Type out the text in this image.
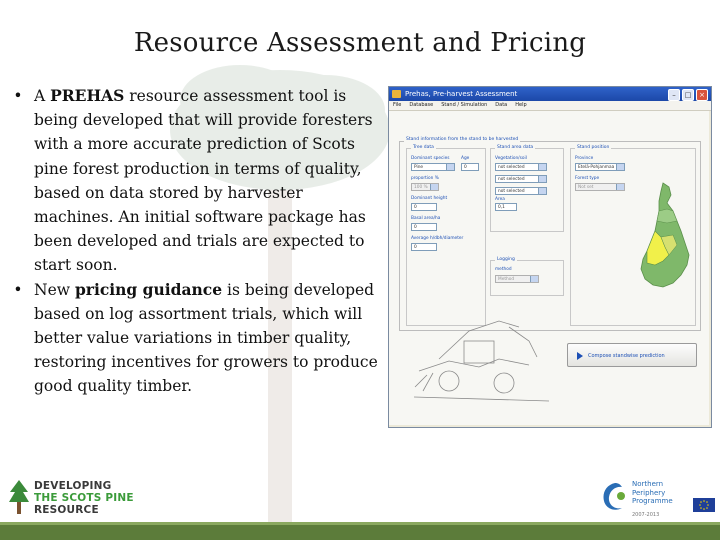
Resource Assessment and Pricing
• A PREHAS resource assessment tool is being developed that will provide foresters with a more accurate prediction of Scots pine forest production in terms of quality, based on data stored by harvester machines. An initial software package has been developed and trials are expected to start soon.
• New pricing guidance is being developed based on log assortment trials, which will better value variations in timber quality, restoring incentives for growers to produce good quality timber.
Prehas, Pre-harvest Assessment	–	□	×
File Database Stand / Simulation Data Help
Stand information from the stand to be harvested
Tree data
Dominant species	Age
Pine	0
proportion %
100 %
Dominant height
0
Basal area/ha
0
Average h/dbh/diameter
0
Stand area data
Vegetation/soil
not selected
not selected
not selected
Area
0,1
Logging
method
Method
Stand position
Province
Etelä-Pohjanmaa
Forest type
Not set
Compose standwise prediction
DEVELOPING
THE SCOTS PINE
RESOURCE
Northern
Periphery
Programme
2007-2013
